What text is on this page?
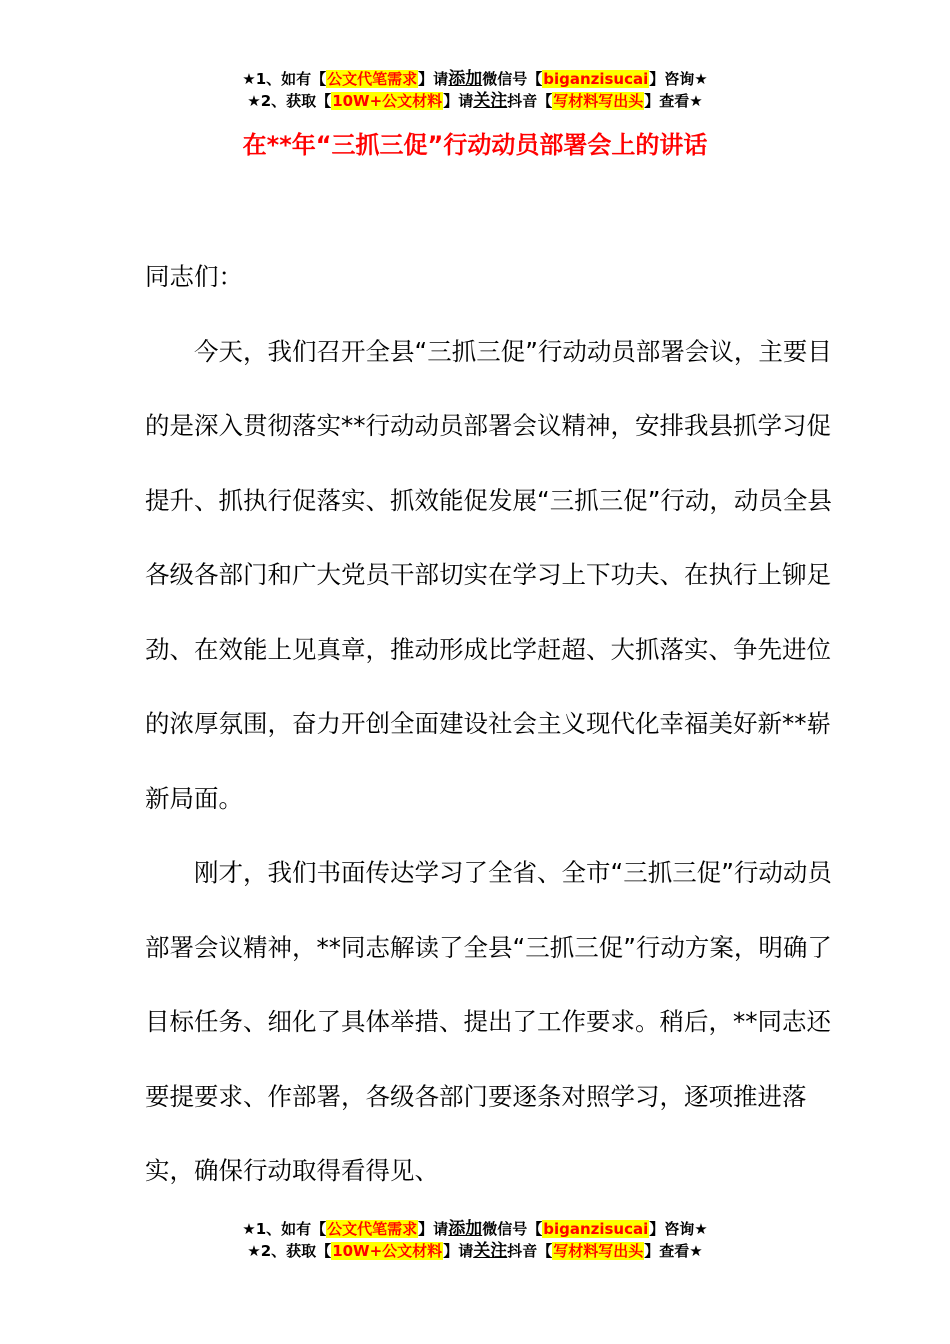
★1、如有【公文代笔需求】请添加微信号【biganzisucai】咨询★
★2、获取【10W+公文材料】请关注抖音【写材料写出头】查看★
在**年“三抓三促”行动动员部署会上的讲话

同志们：

今天，我们召开全县“三抓三促”行动动员部署会议，主要目的是深入贯彻落实**行动动员部署会议精神，安排我县抓学习促提升、抓执行促落实、抓效能促发展“三抓三促”行动，动员全县各级各部门和广大党员干部切实在学习上下功夫、在执行上铆足劲、在效能上见真章，推动形成比学赶超、大抓落实、争先进位的浓厚氛围，奋力开创全面建设社会主义现代化幸福美好新**崭新局面。

刚才，我们书面传达学习了全省、全市“三抓三促”行动动员部署会议精神，**同志解读了全县“三抓三促”行动方案，明确了目标任务、细化了具体举措、提出了工作要求。稍后，**同志还要提要求、作部署，各级各部门要逐条对照学习，逐项推进落实，确保行动取得看得见、

★1、如有【公文代笔需求】请添加微信号【biganzisucai】咨询★
★2、获取【10W+公文材料】请关注抖音【写材料写出头】查看★
